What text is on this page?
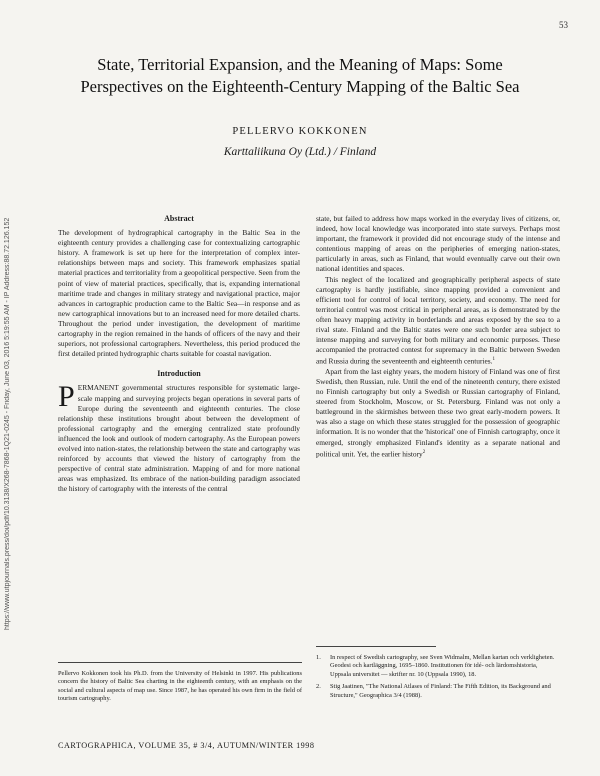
53
https://www.utpjournals.press/doi/pdf/10.3138/X268-7868-1Q21-0245 - Friday, June 03, 2016 5:19:55 AM - IP Address:88.72.126.152
State, Territorial Expansion, and the Meaning of Maps: Some
Perspectives on the Eighteenth-Century Mapping of the Baltic Sea
PELLERVO KOKKONEN
Karttaliikuna Oy (Ltd.) / Finland
Abstract

The development of hydrographical cartography in the Baltic Sea in the eighteenth century provides a challenging case for contextualizing cartographic history. A framework is set up here for the interpretation of complex inter-relationships between maps and society. This framework emphasizes spatial material practices and territoriality from a geopolitical perspective. Seen from the point of view of material practices, specifically, that is, expanding international maritime trade and changes in military strategy and navigational practice, major advances in cartographic production came to the Baltic Sea—in response and as new cartographical innovations but to an increased need for more detailed charts. Throughout the period under investigation, the development of maritime cartography in the region remained in the hands of officers of the navy and their superiors, not professional cartographers. Nevertheless, this period produced the first detailed printed hydrographic charts suitable for coastal navigation.

Introduction

PERMANENT governmental structures responsible for systematic large-scale mapping and surveying projects began operations in several parts of Europe during the seventeenth and eighteenth centuries. The close relationship these institutions brought about between the development of professional cartography and the emerging centralized state profoundly influenced the look and outlook of modern cartography. As the European powers evolved into nation-states, the relationship between the state and cartography was reinforced by accounts that viewed the history of cartography from the perspective of central state administration. Mapping of and for more national areas was emphasized. Its embrace of the nation-building paradigm associated the history of cartography with the interests of the central

state, but failed to address how maps worked in the everyday lives of citizens, or, indeed, how local knowledge was incorporated into state surveys. Perhaps most important, the framework it provided did not encourage study of the intense and contentious mapping of areas on the peripheries of emerging nation-states, particularly in areas, such as Finland, that would eventually carve out their own national identities and spaces.

This neglect of the localized and geographically peripheral aspects of state cartography is hardly justifiable, since mapping provided a convenient and efficient tool for control of local territory, society, and economy. The need for territorial control was most critical in peripheral areas, as is demonstrated by the often heavy mapping activity in borderlands and areas exposed by the sea to a rival state. Finland and the Baltic states were one such border area subject to intense mapping and surveying for both military and economic purposes. These accompanied the protracted contest for supremacy in the Baltic between Sweden and Russia during the seventeenth and eighteenth centuries.$^1$

Apart from the last eighty years, the modern history of Finland was one of first Swedish, then Russian, rule. Until the end of the nineteenth century, there existed no Finnish cartography but only a Swedish or Russian cartography of Finland, steered from Stockholm, Moscow, or St. Petersburg. Finland was not only a battleground in the skirmishes between these two great early-modern powers. It was also a stage on which these states struggled for the possession of geographic information. It is no wonder that the 'historical' one of Finnish cartography, once it emerged, strongly emphasized Finland's identity as a separate national and political unit. Yet, the earlier history$^2$

Pellervo Kokkonen took his Ph.D. from the University of Helsinki in 1997. His publications concern the history of Baltic Sea charting in the eighteenth century, with an emphasis on the social and cultural aspects of map use. Since 1987, he has operated his own firm in the field of tourism cartography.
1.	In respect of Swedish cartography, see Sven Widmalm, Mellan kartan och verkligheten. Geodesi och kartläggning, 1695–1860. Institutionen för idé- och lärdomshistoria, Uppsala universitet — skrifter nr. 10 (Uppsala 1990), 18.
2.	Stig Jaatinen, "The National Atlases of Finland: The Fifth Edition, its Background and Structure," Geographica 3/4 (1988).
CARTOGRAPHICA, VOLUME 35, # 3/4, AUTUMN/WINTER 1998
